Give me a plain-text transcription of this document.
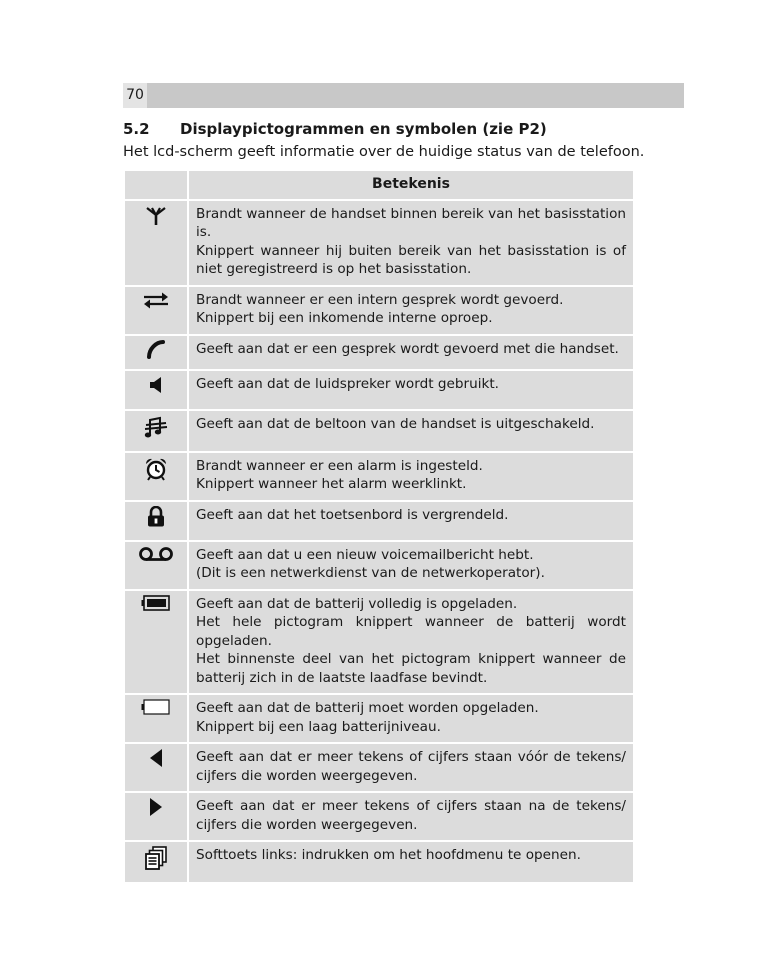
70
5.2 Displaypictogrammen en symbolen (zie P2)
Het lcd-scherm geeft informatie over de huidige status van de telefoon.
	Betekenis

Brandt wanneer de handset binnen bereik van het basisstation is.
Knippert wanneer hij buiten bereik van het basisstation is of niet geregistreerd is op het basisstation.

Brandt wanneer er een intern gesprek wordt gevoerd.
Knippert bij een inkomende interne oproep.

Geeft aan dat er een gesprek wordt gevoerd met die handset.

Geeft aan dat de luidspreker wordt gebruikt.

Geeft aan dat de beltoon van de handset is uitgeschakeld.

Brandt wanneer er een alarm is ingesteld.
Knippert wanneer het alarm weerklinkt.

Geeft aan dat het toetsenbord is vergrendeld.

Geeft aan dat u een nieuw voicemailbericht hebt.
(Dit is een netwerkdienst van de netwerkoperator).

Geeft aan dat de batterij volledig is opgeladen.
Het hele pictogram knippert wanneer de batterij wordt opgeladen.
Het binnenste deel van het pictogram knippert wanneer de batterij zich in de laatste laadfase bevindt.

Geeft aan dat de batterij moet worden opgeladen.
Knippert bij een laag batterijniveau.

Geeft aan dat er meer tekens of cijfers staan vóór de tekens/ cijfers die worden weergegeven.

Geeft aan dat er meer tekens of cijfers staan na de tekens/ cijfers die worden weergegeven.

Softtoets links: indrukken om het hoofdmenu te openen.
